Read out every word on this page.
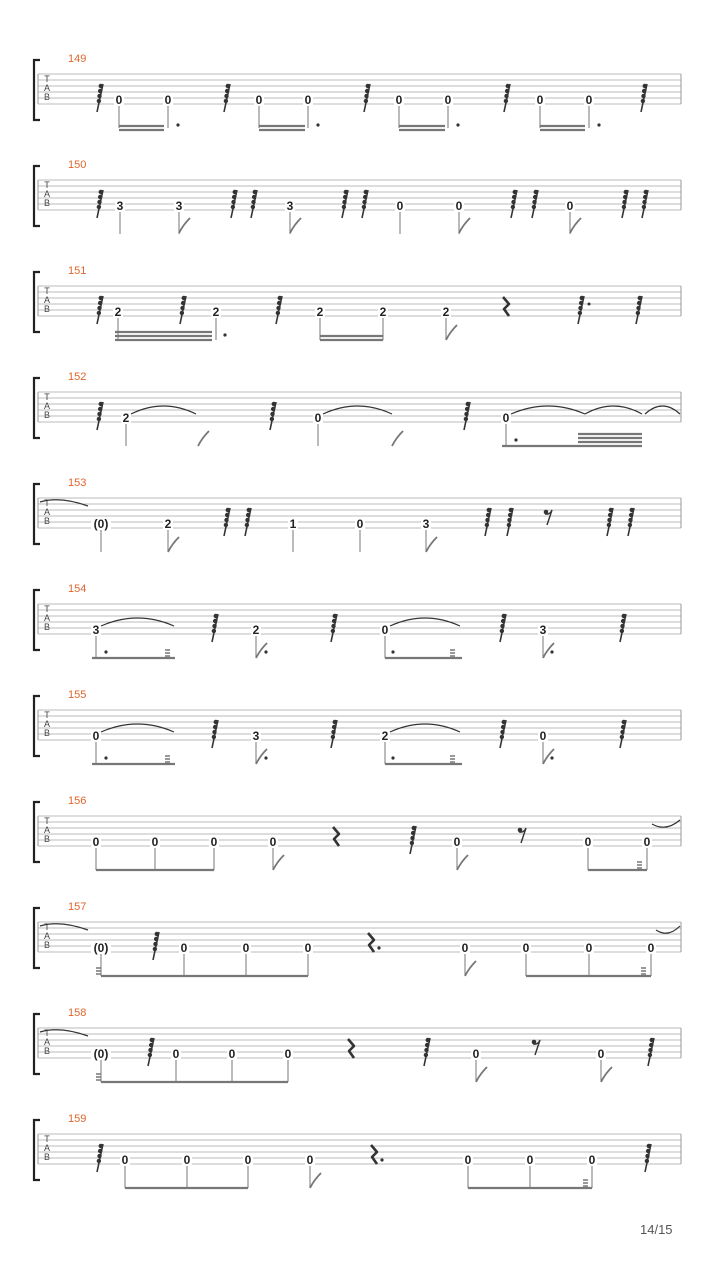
T
A
B
149
0	0	0	0	0	0	0	0
T
A
B
150
3	3	3	0	0	0
T
A
B
151
2	2	2	2	2
T
A
B
152
2	0	0
T
A
B
153
(0)	2	1	0	3
T
A
B
154
3	2	0	3
T
A
B
155
0	3	2	0
T
A
B
156
0	0	0	0	0	0	0
T
A
B
157
(0)	0	0	0	0	0	0	0
T
A
B
158
(0)	0	0	0	0	0
T
A
B
159
0	0	0	0	0	0	0
14/15
